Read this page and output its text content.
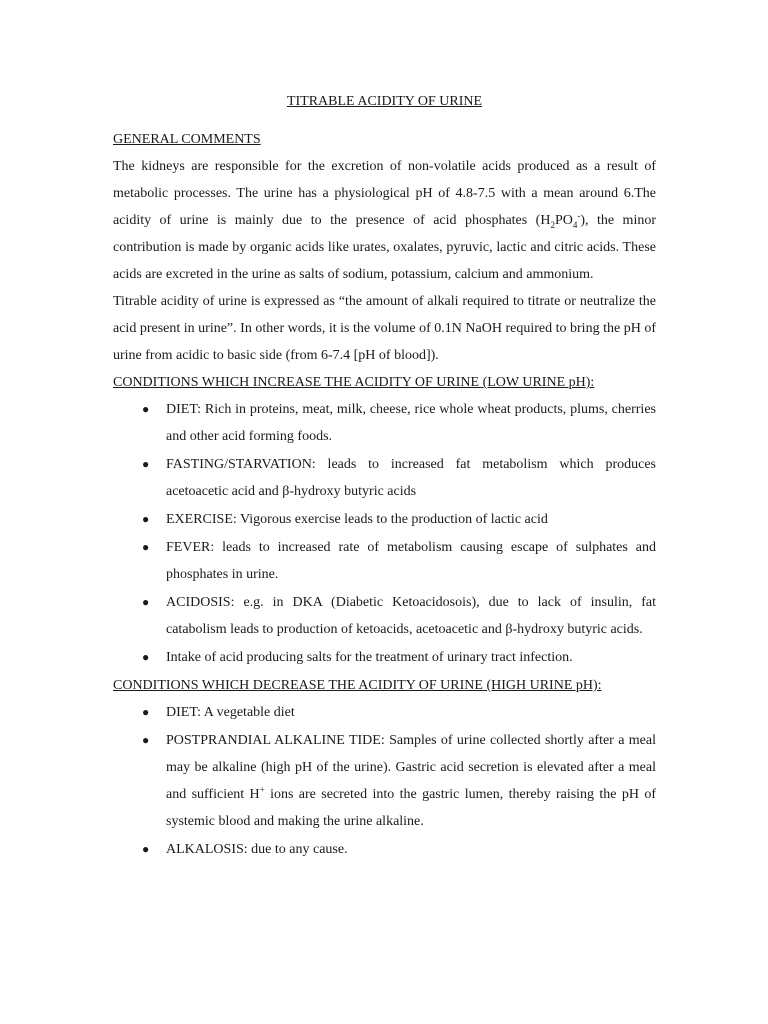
TITRABLE ACIDITY OF URINE
GENERAL COMMENTS

The kidneys are responsible for the excretion of non-volatile acids produced as a result of metabolic processes. The urine has a physiological pH of 4.8-7.5 with a mean around 6.The acidity of urine is mainly due to the presence of acid phosphates $(H_2PO_4^-)$, the minor contribution is made by organic acids like urates, oxalates, pyruvic, lactic and citric acids. These acids are excreted in the urine as salts of sodium, potassium, calcium and ammonium.

Titrable acidity of urine is expressed as “the amount of alkali required to titrate or neutralize the acid present in urine”. In other words, it is the volume of 0.1N NaOH required to bring the pH of urine from acidic to basic side (from 6-7.4 [pH of blood]).

CONDITIONS WHICH INCREASE THE ACIDITY OF URINE (LOW URINE pH):
● DIET: Rich in proteins, meat, milk, cheese, rice whole wheat products, plums, cherries and other acid forming foods.
● FASTING/STARVATION: leads to increased fat metabolism which produces acetoacetic acid and β-hydroxy butyric acids
● EXERCISE: Vigorous exercise leads to the production of lactic acid
● FEVER: leads to increased rate of metabolism causing escape of sulphates and phosphates in urine.
● ACIDOSIS: e.g. in DKA (Diabetic Ketoacidosois), due to lack of insulin, fat catabolism leads to production of ketoacids, acetoacetic and β-hydroxy butyric acids.
● Intake of acid producing salts for the treatment of urinary tract infection.
CONDITIONS WHICH DECREASE THE ACIDITY OF URINE (HIGH URINE pH):
● DIET: A vegetable diet
● POSTPRANDIAL ALKALINE TIDE: Samples of urine collected shortly after a meal may be alkaline (high pH of the urine). Gastric acid secretion is elevated after a meal and sufficient H+ ions are secreted into the gastric lumen, thereby raising the pH of systemic blood and making the urine alkaline.
● ALKALOSIS: due to any cause.
